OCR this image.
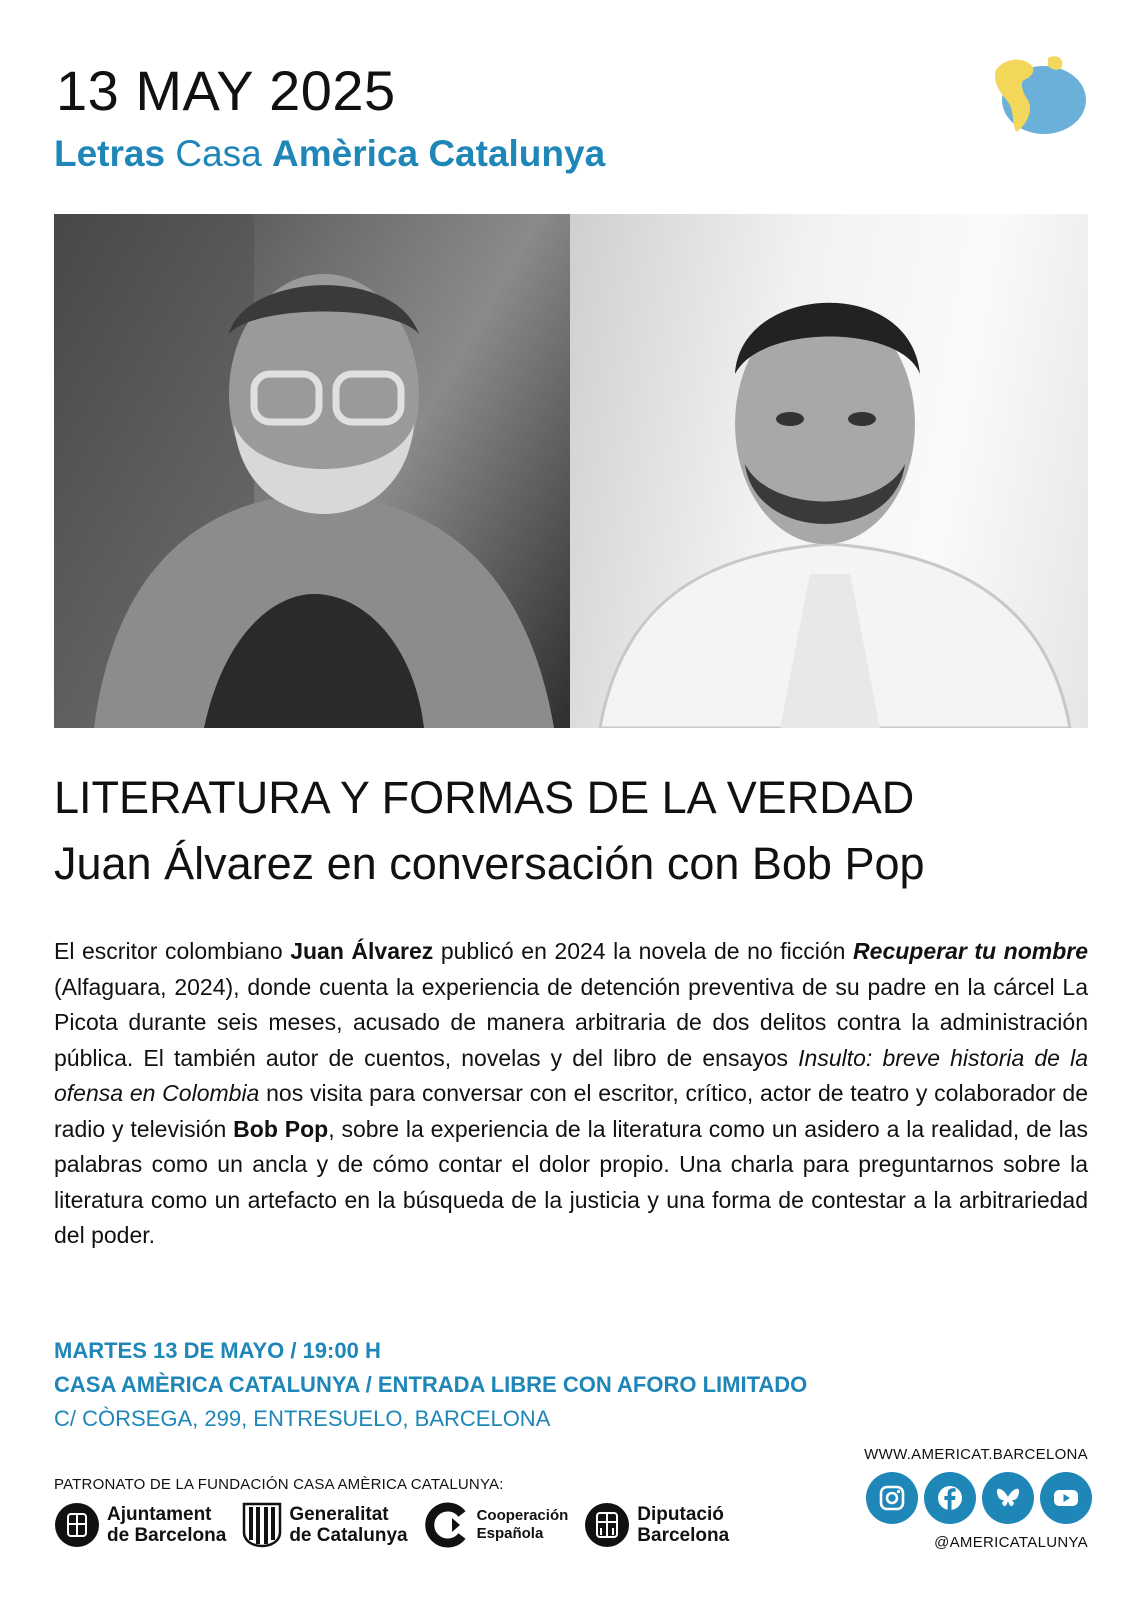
13 MAY 2025
Letras Casa Amèrica Catalunya
LITERATURA Y FORMAS DE LA VERDAD
Juan Álvarez en conversación con Bob Pop

El escritor colombiano Juan Álvarez publicó en 2024 la novela de no ficción Recuperar tu nombre (Alfaguara, 2024), donde cuenta la experiencia de detención preventiva de su padre en la cárcel La Picota durante seis meses, acusado de manera arbitraria de dos delitos contra la administración pública. El también autor de cuentos, novelas y del libro de ensayos Insulto: breve historia de la ofensa en Colombia nos visita para conversar con el escritor, crítico, actor de teatro y colaborador de radio y televisión Bob Pop, sobre la experiencia de la literatura como un asidero a la realidad, de las palabras como un ancla y de cómo contar el dolor propio. Una charla para preguntarnos sobre la literatura como un artefacto en la búsqueda de la justicia y una forma de contestar a la arbitrariedad del poder.

MARTES 13 DE MAYO / 19:00 H
CASA AMÈRICA CATALUNYA / ENTRADA LIBRE CON AFORO LIMITADO
C/ CÒRSEGA, 299, ENTRESUELO, BARCELONA
WWW.AMERICAT.BARCELONA
@AMERICATALUNYA
PATRONATO DE LA FUNDACIÓN CASA AMÈRICA CATALUNYA:
Ajuntament
de Barcelona
Generalitat
de Catalunya
Cooperación
Española
Diputació
Barcelona
